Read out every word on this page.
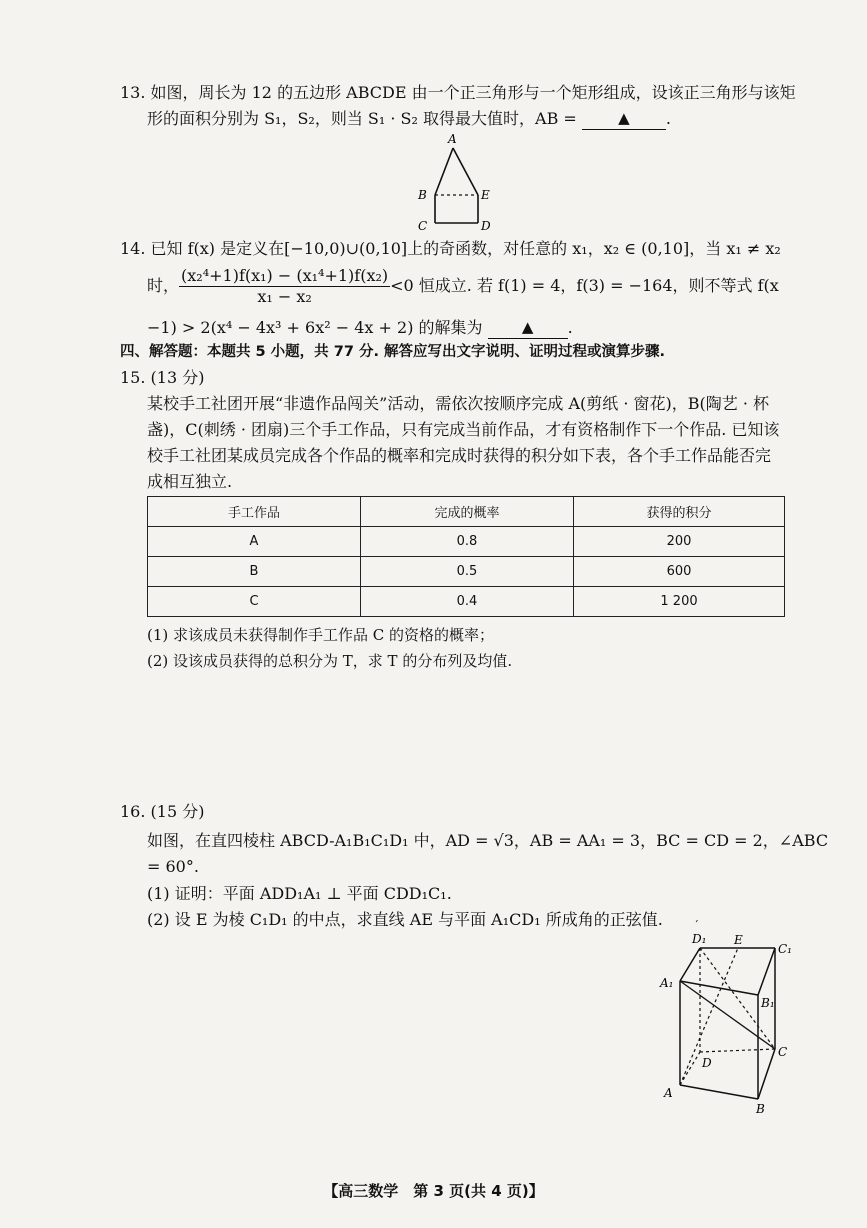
13. 如图，周长为 12 的五边形 ABCDE 由一个正三角形与一个矩形组成，设该正三角形与该矩
形的面积分别为 S₁，S₂，则当 S₁ · S₂ 取得最大值时，AB =	▲ .
A
B	E
C	D
14. 已知 f(x) 是定义在[−10,0)∪(0,10]上的奇函数，对任意的 x₁，x₂ ∈ (0,10]，当 x₁ ≠ x₂
时， $\frac{\text{(x₂⁴+1)f(x₁) − (x₁⁴+1)f(x₂)}}{\text{x₁ − x₂}} <0$ 恒成立. 若 f(1) = 4，f(3) = −164，则不等式 f(x
−1) > 2(x⁴ − 4x³ + 6x² − 4x + 2) 的解集为	▲ .
四、解答题：本题共 5 小题，共 77 分. 解答应写出文字说明、证明过程或演算步骤.
15. (13 分)
某校手工社团开展“非遗作品闯关”活动，需依次按顺序完成 A(剪纸 · 窗花)，B(陶艺 · 杯
盏)，C(刺绣 · 团扇)三个手工作品，只有完成当前作品，才有资格制作下一个作品. 已知该
校手工社团某成员完成各个作品的概率和完成时获得的积分如下表，各个手工作品能否完
成相互独立.
手工作品	完成的概率	获得的积分
A	0.8	200
B	0.5	600
C	0.4	1 200
(1) 求该成员未获得制作手工作品 C 的资格的概率；
(2) 设该成员获得的总积分为 T，求 T 的分布列及均值.
16. (15 分)
如图，在直四棱柱 ABCD-A₁B₁C₁D₁ 中，AD = √3，AB = AA₁ = 3，BC = CD = 2，∠ABC
= 60°.
(1) 证明：平面 ADD₁A₁ ⊥ 平面 CDD₁C₁.
(2) 设 E 为棱 C₁D₁ 的中点，求直线 AE 与平面 A₁CD₁ 所成角的正弦值.	ʼ
D₁ E
C₁
A₁
B₁
D
C
A
B
【高三数学　第 3 页(共 4 页)】
